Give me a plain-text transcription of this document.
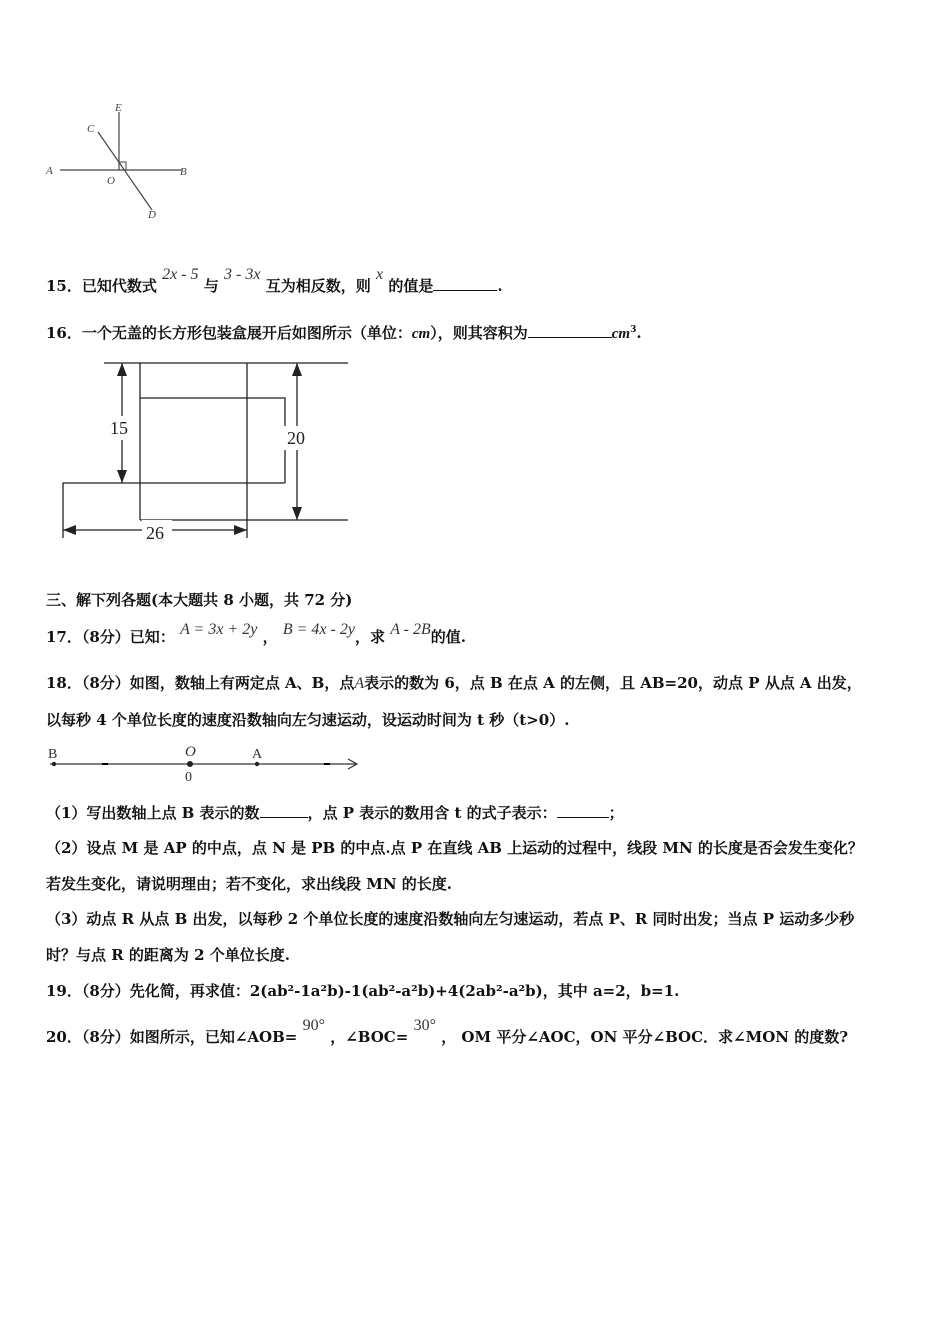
E
C
A
O
B
D
15．已知代数式 2x - 5 与 3 - 3x 互为相反数，则 x 的值是	.
16．一个无盖的长方形包装盒展开后如图所示（单位：cm），则其容积为	$cm^3$.
15	20
26
三、解下列各题(本大题共 8 小题，共 72 分)
17．（8分）已知： A = 3x + 2y ， B = 4x - 2y，求 A - 2B的值.
18．（8分）如图，数轴上有两定点 A、B，点A表示的数为 6，点 B 在点 A 的左侧，且 AB=20，动点 P 从点 A 出发，
以每秒 4 个单位长度的速度沿数轴向左匀速运动，设运动时间为 t 秒（t>0）.
B	O	A
0
（1）写出数轴上点 B 表示的数	，点 P 表示的数用含 t 的式子表示：	；
（2）设点 M 是 AP 的中点，点 N 是 PB 的中点.点 P 在直线 AB 上运动的过程中，线段 MN 的长度是否会发生变化？
若发生变化，请说明理由；若不变化，求出线段 MN 的长度.
（3）动点 R 从点 B 出发，以每秒 2 个单位长度的速度沿数轴向左匀速运动，若点 P、R 同时出发；当点 P 运动多少秒
时？与点 R 的距离为 2 个单位长度.
19．（8分）先化简，再求值：2(ab²-1a²b)-1(ab²-a²b)+4(2ab²-a²b)，其中 a=2，b=1.
20．（8分）如图所示，已知∠AOB= 90° ，∠BOC= 30° ， OM 平分∠AOC，ON 平分∠BOC．求∠MON 的度数?
